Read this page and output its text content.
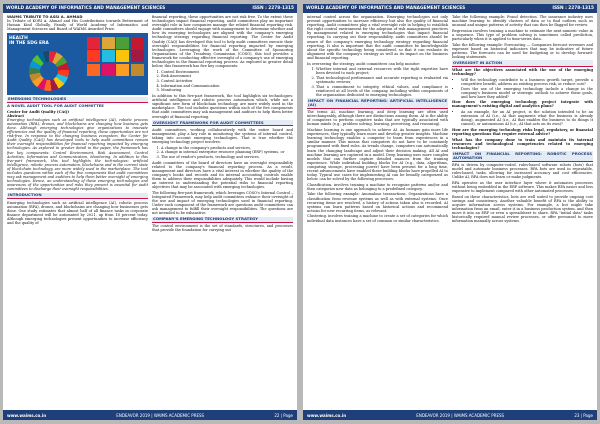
WORLD ACADEMY OF INFORMATICS AND MANAGEMENT SCIENCES	ISSN : 2278-1315
WAIMS TRIBUTE TO ASSI A. AHMAD

In Tribute of KORI A. Ahmad and His Contributions towards Betterment of Human Kind Globally, Family of World Academy of Informatics and Management Sciences and Board of WAIMS Awarded Prize.

HEALTH
IN THE SDG ERA
EMERGING TECHNOLOGIES
A NOVEL AUDIT TOOL FOR AUDIT COMMITTEE
Center for Audit Quality (CAQ)
Abstract

Emerging technologies such as artificial intelligence (AI), robotic process automation (RPA), drones, and blockchains are changing how business gets done. Although emerging technologies give organizations to innovate efficiencies and the quality of financial reporting, these opportunities are not risk-free. In response to the changing business ecosystem, the Center for Audit Quality (CAQ) has developed tools to help audit committees remain their oversight responsibilities for financial reporting impacted by emerging technologies. As explored in greater detail in the paper, the framework has five key components: Control Environment, Risk Assessment, Control Activities, Information and Communication, Monitoring. In addition to this five-part framework, this tool highlights the technologies: artificial intelligence, robotic process automation, blockchains and in the current state of blockchain technology, are more widely used in the marketplace. The tool includes questions within each of the five components that audit committees may ask management and auditors to help them better oversight of emerging technologies. Hence, an understanding of these emerging technologies and awareness of the opportunities and risks they present is essential for audit committees to discharge their oversight responsibilities.

INTRODUCTION

Emerging technologies such as artificial intelligence (AI), robotic process automation (RPA), drones, and blockchains are changing how businesses gets done. One study estimates that almost half of all finance tasks in corporate finance department will be automated by 2021, up from 18 percent today. Although emerging technologies present opportunities to increase efficiency and the quality of

financial reporting, these opportunities are not risk free. To the extent these technologies impact financial reporting, audit committees play an important oversight role in how companies manage the related financial reporting risk. Audit committees should engage with management to determine whether and how its emerging technologies are aligned with the company's emerging technology strategy regarding financial reporting. The Center for Audit Quality (CAQ) has developed this tool to help audit committees execute their oversight responsibilities for financial reporting impacted by emerging technologies. Leveraging the work of the Committee of Sponsoring Organizations of the Treadway Commission (COSO), this tool provides a framework for conducting effective oversight of a company's use of emerging technologies in the financial reporting process. As explored in greater detail below, this framework has five key components:

1. Control Environment
2. Risk Assessment
3. Control Activities
4. Information and Communication
5. Monitoring

In addition to this five-part framework, the tool highlights six technologies: artificial intelligence and robotic process automation which, while not a significant new form of blockchain technology, are more widely used in the marketplace. The tool includes questions within each of the five components that audit committees may ask management and auditors to help them better oversight of financial reporting.

OVERSIGHT FRAMEWORK FOR AUDIT COMMITTEES

Audit committees, working collaboratively with the entire board and management, play a key role in monitoring the systems of internal control, taking into account emerging technologies. That is true whether the emerging technology project involves:

1. A change in the company's products and services,
2. A change in internal enterprise resource planning (ERP) systems, or
3. The use of vendor's products, technology and services.

Audit committees of the board of directors have an oversight responsibility related to the company's financial reporting process. As a result, management and directors have a vital interest in whether the quality of the company's books and records and its internal accounting controls enable them to address their responsibilities adequately. This would include having an interest in understanding the potential risks to financial reporting objectives that may be associated with emerging technologies.

The following five-part framework, which leverages COSO's Internal Control – Integrated Framework, may help audit committees enhance their oversight of the use and impact of emerging technologies used in financial reporting. Under each component of the framework are questions audit committees can ask management to fulfill their oversight responsibilities. The questions are not intended to be exhaustive.

COMPANY'S EMERGING TECHNOLOGY STRATEGY

The control environment is the set of standards, structures, and processes that provide the foundation for carrying out

www.waims.co.in	ENDEAVOR 2019 | WAIMS ACADEMIC PRESS	22 | Page
WORLD ACADEMY OF INFORMATICS AND MANAGEMENT SCIENCES	ISSN : 2278-1315

internal control across the organization. Emerging technologies not only present opportunities to increase efficiency but also the quality of financial reporting. Audit committees play a vital oversight role in helping to establish the right control environment for the adoption of risk management practices by management related to emerging technologies that impact financial reporting. In carrying out their responsibility, audit committees should be aware of the company's emerging technology strategy regarding financial reporting. It also is important that the audit committee be knowledgeable about the specific technology being considered, so that it can evaluate its alignment with the company's strategy as well as its impact on the business and financial reporting.

In overseeing the strategy, audit committees can help monitor:

1. Whether internal and external resources with the right expertise have been devoted to each project;
2. That technological performance and accurate reporting is evaluated via systematic reviews;
3. That a commitment to integrity, ethical values, and compliance is reinforced at all levels of the company, including within components of the organization dedicated to emerging technologies.
IMPACT ON FINANCIAL REPORTING: ARTIFICIAL INTELLIGENCE (AI)

The terms AI, machine learning, and deep learning are often used interchangeably, although there are distinctions among them. AI is the ability of computers to perform cognitive tasks that are typically associated with human minds (e.g., problem solving, learning, perceiving, and reasoning).

Machine learning is one approach to achieve AI. As humans gain more life experiences, they typically learn more and develop greater insights. Machine learning technology enables a computer to learn from experiences in a similar manner. This means that computers do not have to be constantly programmed with fixed rules. As trends change, computers can automatically learn the changing landscape and adjust their decision making. All AI and machine learning are captured in a model. Deep learning uses more complex models that can further capture detailed nuances from the training experience. While individual building blocks for AI (e.g., data, algorithms, computing storage, processing power) have been present for a long time, recent advancements have enabled these building blocks have propelled AI to today. Typical use cases for implementing AI can be broadly categorized as below. can be solved by the following processes:

Classification. involves training a machine to recognize patterns and/or and then categorize new data as belonging to a predefined category.

Take the following example: Anomalous transactions. Organizations have a classification from revenue systems as well as with external systems. Once recurring items are resolved, a history of actions taken also is recorded. AI systems can learn patterns based on historical actions and recommend actions for new recurring items, as relevant.

Clustering. involves training a machine to create a set of categories for which individual data instances have a set of common or similar characteristics.

Take the following example: Fraud detection. The insurance industry uses machine learning to identify clusters of data or to find outliers such as unusual and unique patterns of activity that can then be flagged for review.

Regression involves training a machine to estimate the next numeric value in a sequence. This type of problem solving is sometimes called prediction, particularly when it is applied to time-series data.

Take the following example: Forecasting — Companies forecast revenues and expenses based on historical indicators that may be indicative of future patterns. The forecasts can be used for budgeting or to develop forward-looking statements.

OVERSIGHT IN ACTION

What are the objectives associated with the use of the emerging technology?

• Will the technology contribute to a business growth target, provide a competitive benefit, address an existing process risk, or reduce cost?
• Does the use of the emerging technology include a change in the company's business model or strategic outlook to achieve these goals, and how have they added?

How does the emerging technology project integrate with management's existing digital and analytics plans?

• As an example, for an AI project, is the solution intended to be an extension of AI (i.e., AI that augments what the business is already doing), augmented AI (i.e., AI that enables the business to do things it cannot), or autonomous AI (i.e., AI that acts on its own)?

How are the emerging technology risks legal, regulatory, or financial reporting questions that require external advice?

What has the company done to train and maintain its internal resources and technological competencies related to emerging technologies?

IMPACT ON FINANCIAL REPORTING: ROBOTIC PROCESS AUTOMATION

RPA is driven by computer-coded, rules-based software robots (bots) that model and automate business processes. RPA bots are used in repeatable, rules-based, tasks, allowing for increased accuracy and cost efficiencies. Unlike AI, RPA does not learn or make judgments.

RPA operates as the user interface layer where it automates processes without being embedded in the ERP software. This makes RPA easier and less expensive to implement compared with other automated processes.

Based on these characteristics, bots are well suited to provide ongoing cost savings and consistency. Another valuable benefit of RPA is the ability to acquire information across systems. For example, a bot might take information from an email, enter it in a business production system, and then move it into an ERP or even a spreadsheet to share. RPA "initial data" tasks historically required manual review processes, or offer personnel to move information manually across systems.

www.waims.co.in	ENDEAVOR 2019 | WAIMS ACADEMIC PRESS	23 | Page
